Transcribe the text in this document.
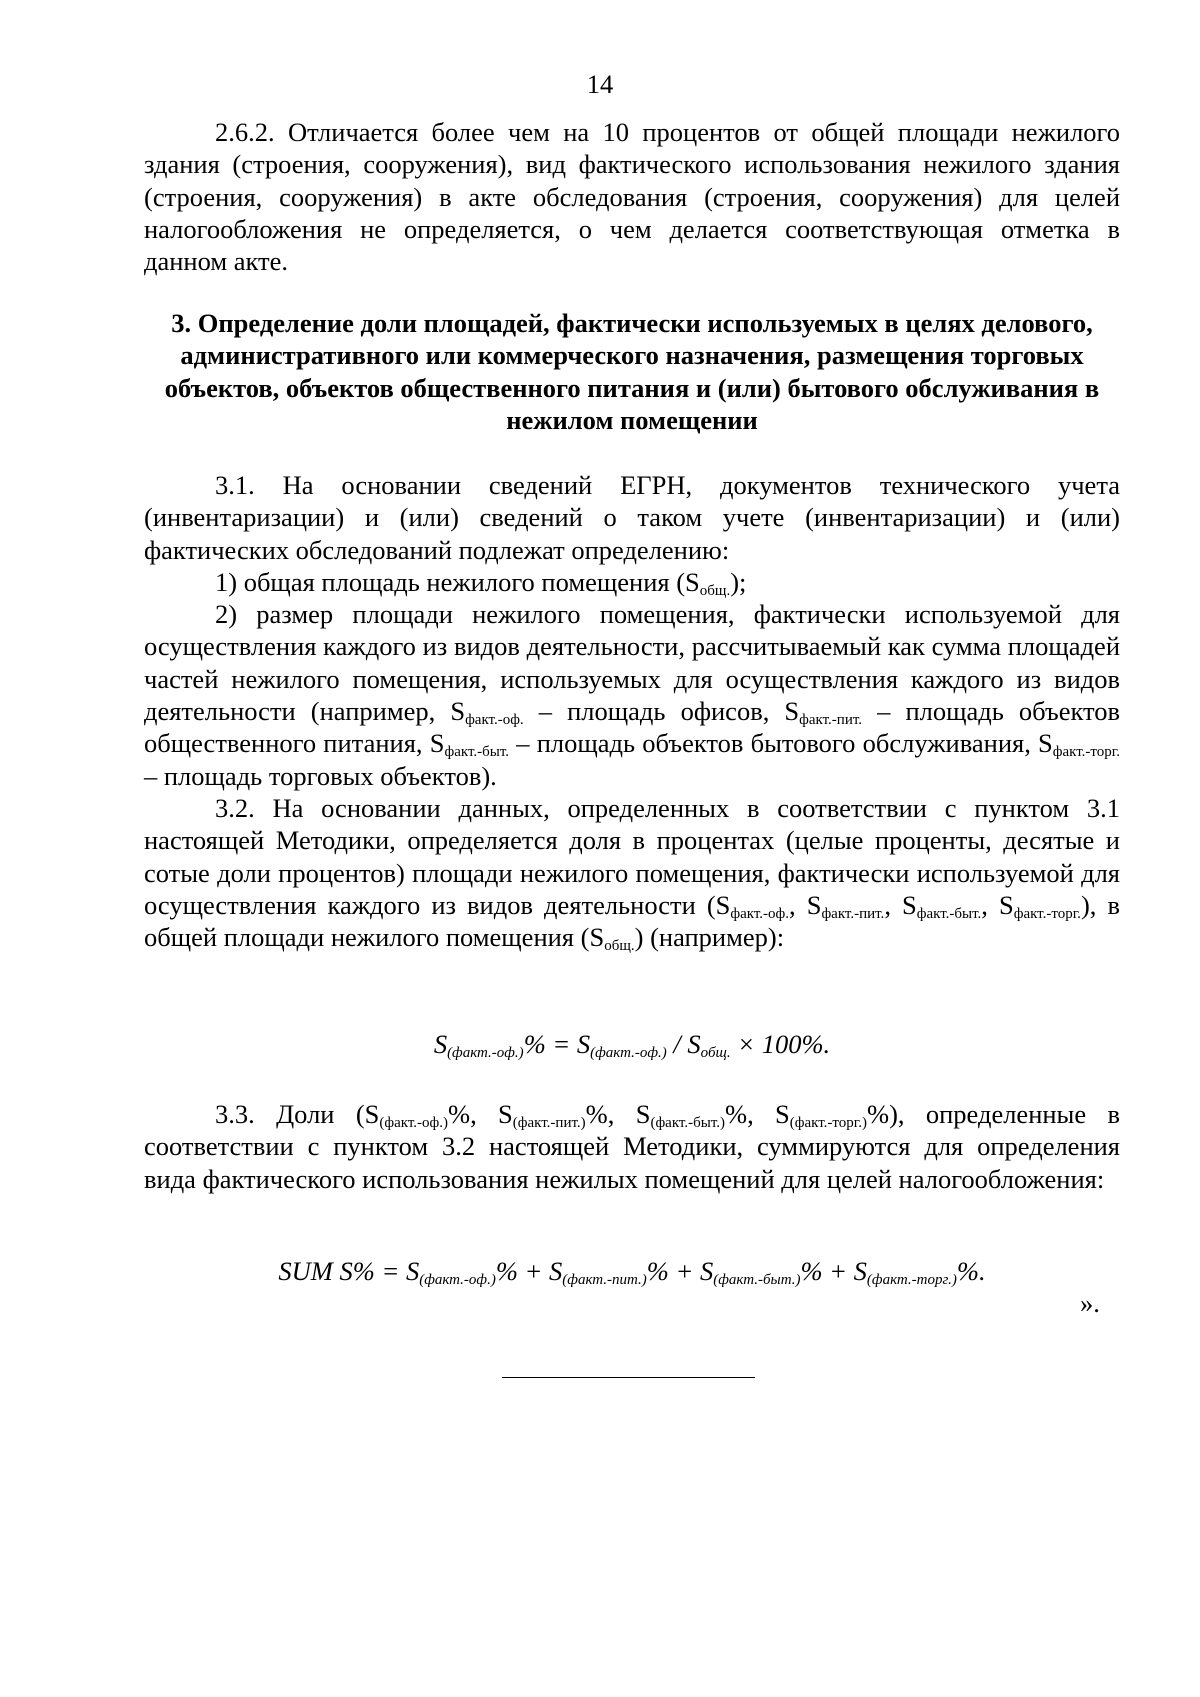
14

2.6.2. Отличается более чем на 10 процентов от общей площади нежилого здания (строения, сооружения), вид фактического использования нежилого здания (строения, сооружения) в акте обследования (строения, сооружения) для целей налогообложения не определяется, о чем делается соответствующая отметка в данном акте.

3. Определение доли площадей, фактически используемых в целях делового, административного или коммерческого назначения, размещения торговых объектов, объектов общественного питания и (или) бытового обслуживания в нежилом помещении

3.1. На основании сведений ЕГРН, документов технического учета (инвентаризации) и (или) сведений о таком учете (инвентаризации) и (или) фактических обследований подлежат определению:

1) общая площадь нежилого помещения $(S_{общ.})$;

2) размер площади нежилого помещения, фактически используемой для осуществления каждого из видов деятельности, рассчитываемый как сумма площадей частей нежилого помещения, используемых для осуществления каждого из видов деятельности (например, $S_{факт.-оф.}$ – площадь офисов, $S_{факт.-пит.}$ – площадь объектов общественного питания, $S_{факт.-быт.}$ – площадь объектов бытового обслуживания, $S_{факт.-торг.}$ – площадь торговых объектов).

3.2. На основании данных, определенных в соответствии с пунктом 3.1 настоящей Методики, определяется доля в процентах (целые проценты, десятые и сотые доли процентов) площади нежилого помещения, фактически используемой для осуществления каждого из видов деятельности ($S_{факт.-оф.}$, $S_{факт.-пит.}$, $S_{факт.-быт.}$, $S_{факт.-торг.}$), в общей площади нежилого помещения $(S_{общ.})$ (например):

$S_{(факт.-оф.)}\% = S_{(факт.-оф.)} / S_{общ.} \times 100\%$.

3.3. Доли ($S_{(факт.-оф.)}\%$, $S_{(факт.-пит.)}\%$, $S_{(факт.-быт.)}\%$, $S_{(факт.-торг.)}\%$), определенные в соответствии с пунктом 3.2 настоящей Методики, суммируются для определения вида фактического использования нежилых помещений для целей налогообложения:

SUM $S\% = S_{(факт.-оф.)}\% + S_{(факт.-пит.)}\% + S_{(факт.-быт.)}\% + S_{(факт.-торг.)}\%$.

».
